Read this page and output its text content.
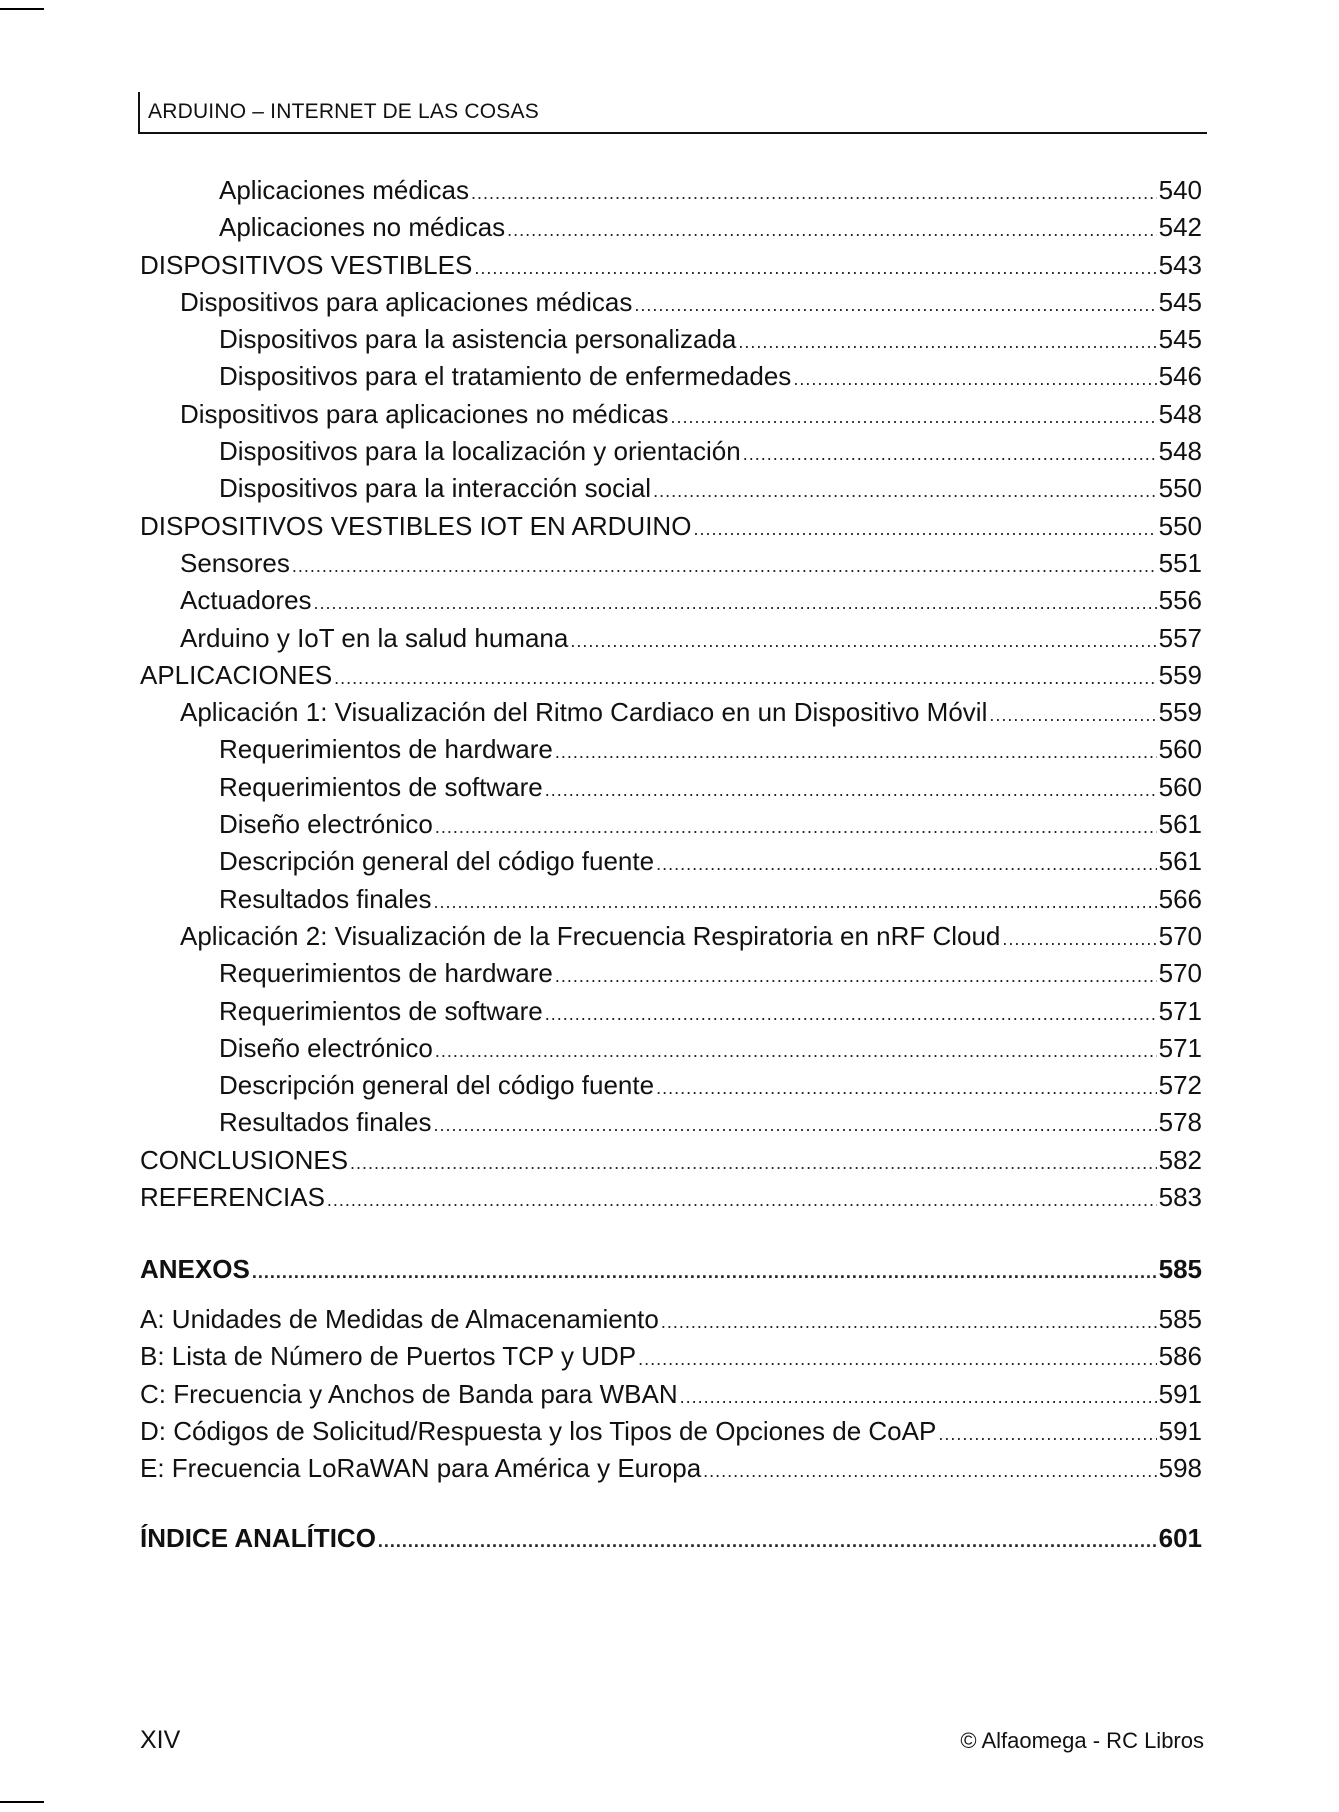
ARDUINO – INTERNET DE LAS COSAS
Aplicaciones médicas .....	540
Aplicaciones no médicas .....	542
DISPOSITIVOS VESTIBLES .....	543
Dispositivos para aplicaciones médicas .....	545
Dispositivos para la asistencia personalizada .....	545
Dispositivos para el tratamiento de enfermedades .....	546
Dispositivos para aplicaciones no médicas .....	548
Dispositivos para la localización y orientación .....	548
Dispositivos para la interacción social .....	550
DISPOSITIVOS VESTIBLES IOT EN ARDUINO .....	550
Sensores .....	551
Actuadores .....	556
Arduino y IoT en la salud humana .....	557
APLICACIONES .....	559
Aplicación 1: Visualización del Ritmo Cardiaco en un Dispositivo Móvil .....	559
Requerimientos de hardware .....	560
Requerimientos de software .....	560
Diseño electrónico .....	561
Descripción general del código fuente .....	561
Resultados finales .....	566
Aplicación 2: Visualización de la Frecuencia Respiratoria en nRF Cloud .....	570
Requerimientos de hardware .....	570
Requerimientos de software .....	571
Diseño electrónico .....	571
Descripción general del código fuente .....	572
Resultados finales .....	578
CONCLUSIONES .....	582
REFERENCIAS .....	583
ANEXOS .....	585
A: Unidades de Medidas de Almacenamiento .....	585
B: Lista de Número de Puertos TCP y UDP .....	586
C: Frecuencia y Anchos de Banda para WBAN .....	591
D: Códigos de Solicitud/Respuesta y los Tipos de Opciones de CoAP .....	591
E: Frecuencia LoRaWAN para América y Europa .....	598
ÍNDICE ANALÍTICO .....	601
XIV	© Alfaomega - RC Libros
